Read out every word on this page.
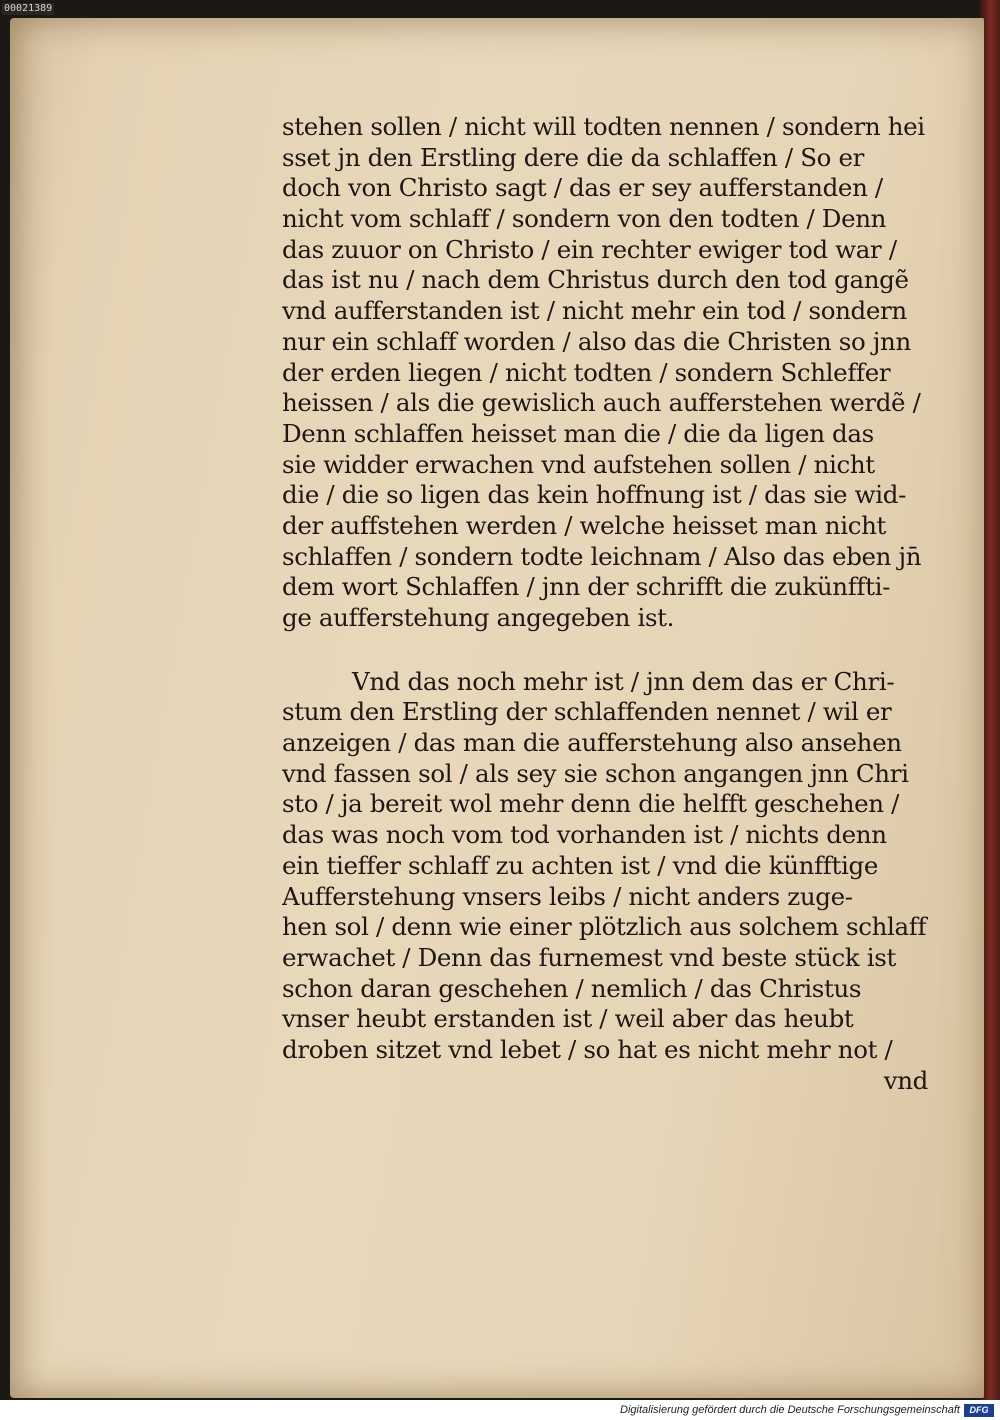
00021389
stehen sollen / nicht will todten nennen / sondern hei
sset jn den Erstling dere die da schlaffen / So er
doch von Christo sagt / das er sey aufferstanden /
nicht vom schlaff / sondern von den todten / Denn
das zuuor on Christo / ein rechter ewiger tod war /
das ist nu / nach dem Christus durch den tod gangẽ
vnd aufferstanden ist / nicht mehr ein tod / sondern
nur ein schlaff worden / also das die Christen so jnn
der erden liegen / nicht todten / sondern Schleffer
heissen / als die gewislich auch aufferstehen werdẽ /
Denn schlaffen heisset man die / die da ligen das
sie widder erwachen vnd aufstehen sollen / nicht
die / die so ligen das kein hoffnung ist / das sie wid-
der auffstehen werden / welche heisset man nicht
schlaffen / sondern todte leichnam / Also das eben jn̄
dem wort Schlaffen / jnn der schrifft die zukünffti-
ge aufferstehung angegeben ist.
Vnd das noch mehr ist / jnn dem das er Chri-
stum den Erstling der schlaffenden nennet / wil er
anzeigen / das man die aufferstehung also ansehen
vnd fassen sol / als sey sie schon angangen jnn Chri
sto / ja bereit wol mehr denn die helfft geschehen /
das was noch vom tod vorhanden ist / nichts denn
ein tieffer schlaff zu achten ist / vnd die künfftige
Aufferstehung vnsers leibs / nicht anders zuge-
hen sol / denn wie einer plötzlich aus solchem schlaff
erwachet / Denn das furnemest vnd beste stück ist
schon daran geschehen / nemlich / das Christus
vnser heubt erstanden ist / weil aber das heubt
droben sitzet vnd lebet / so hat es nicht mehr not /
vnd
Digitalisierung gefördert durch die Deutsche Forschungsgemeinschaft	DFG
